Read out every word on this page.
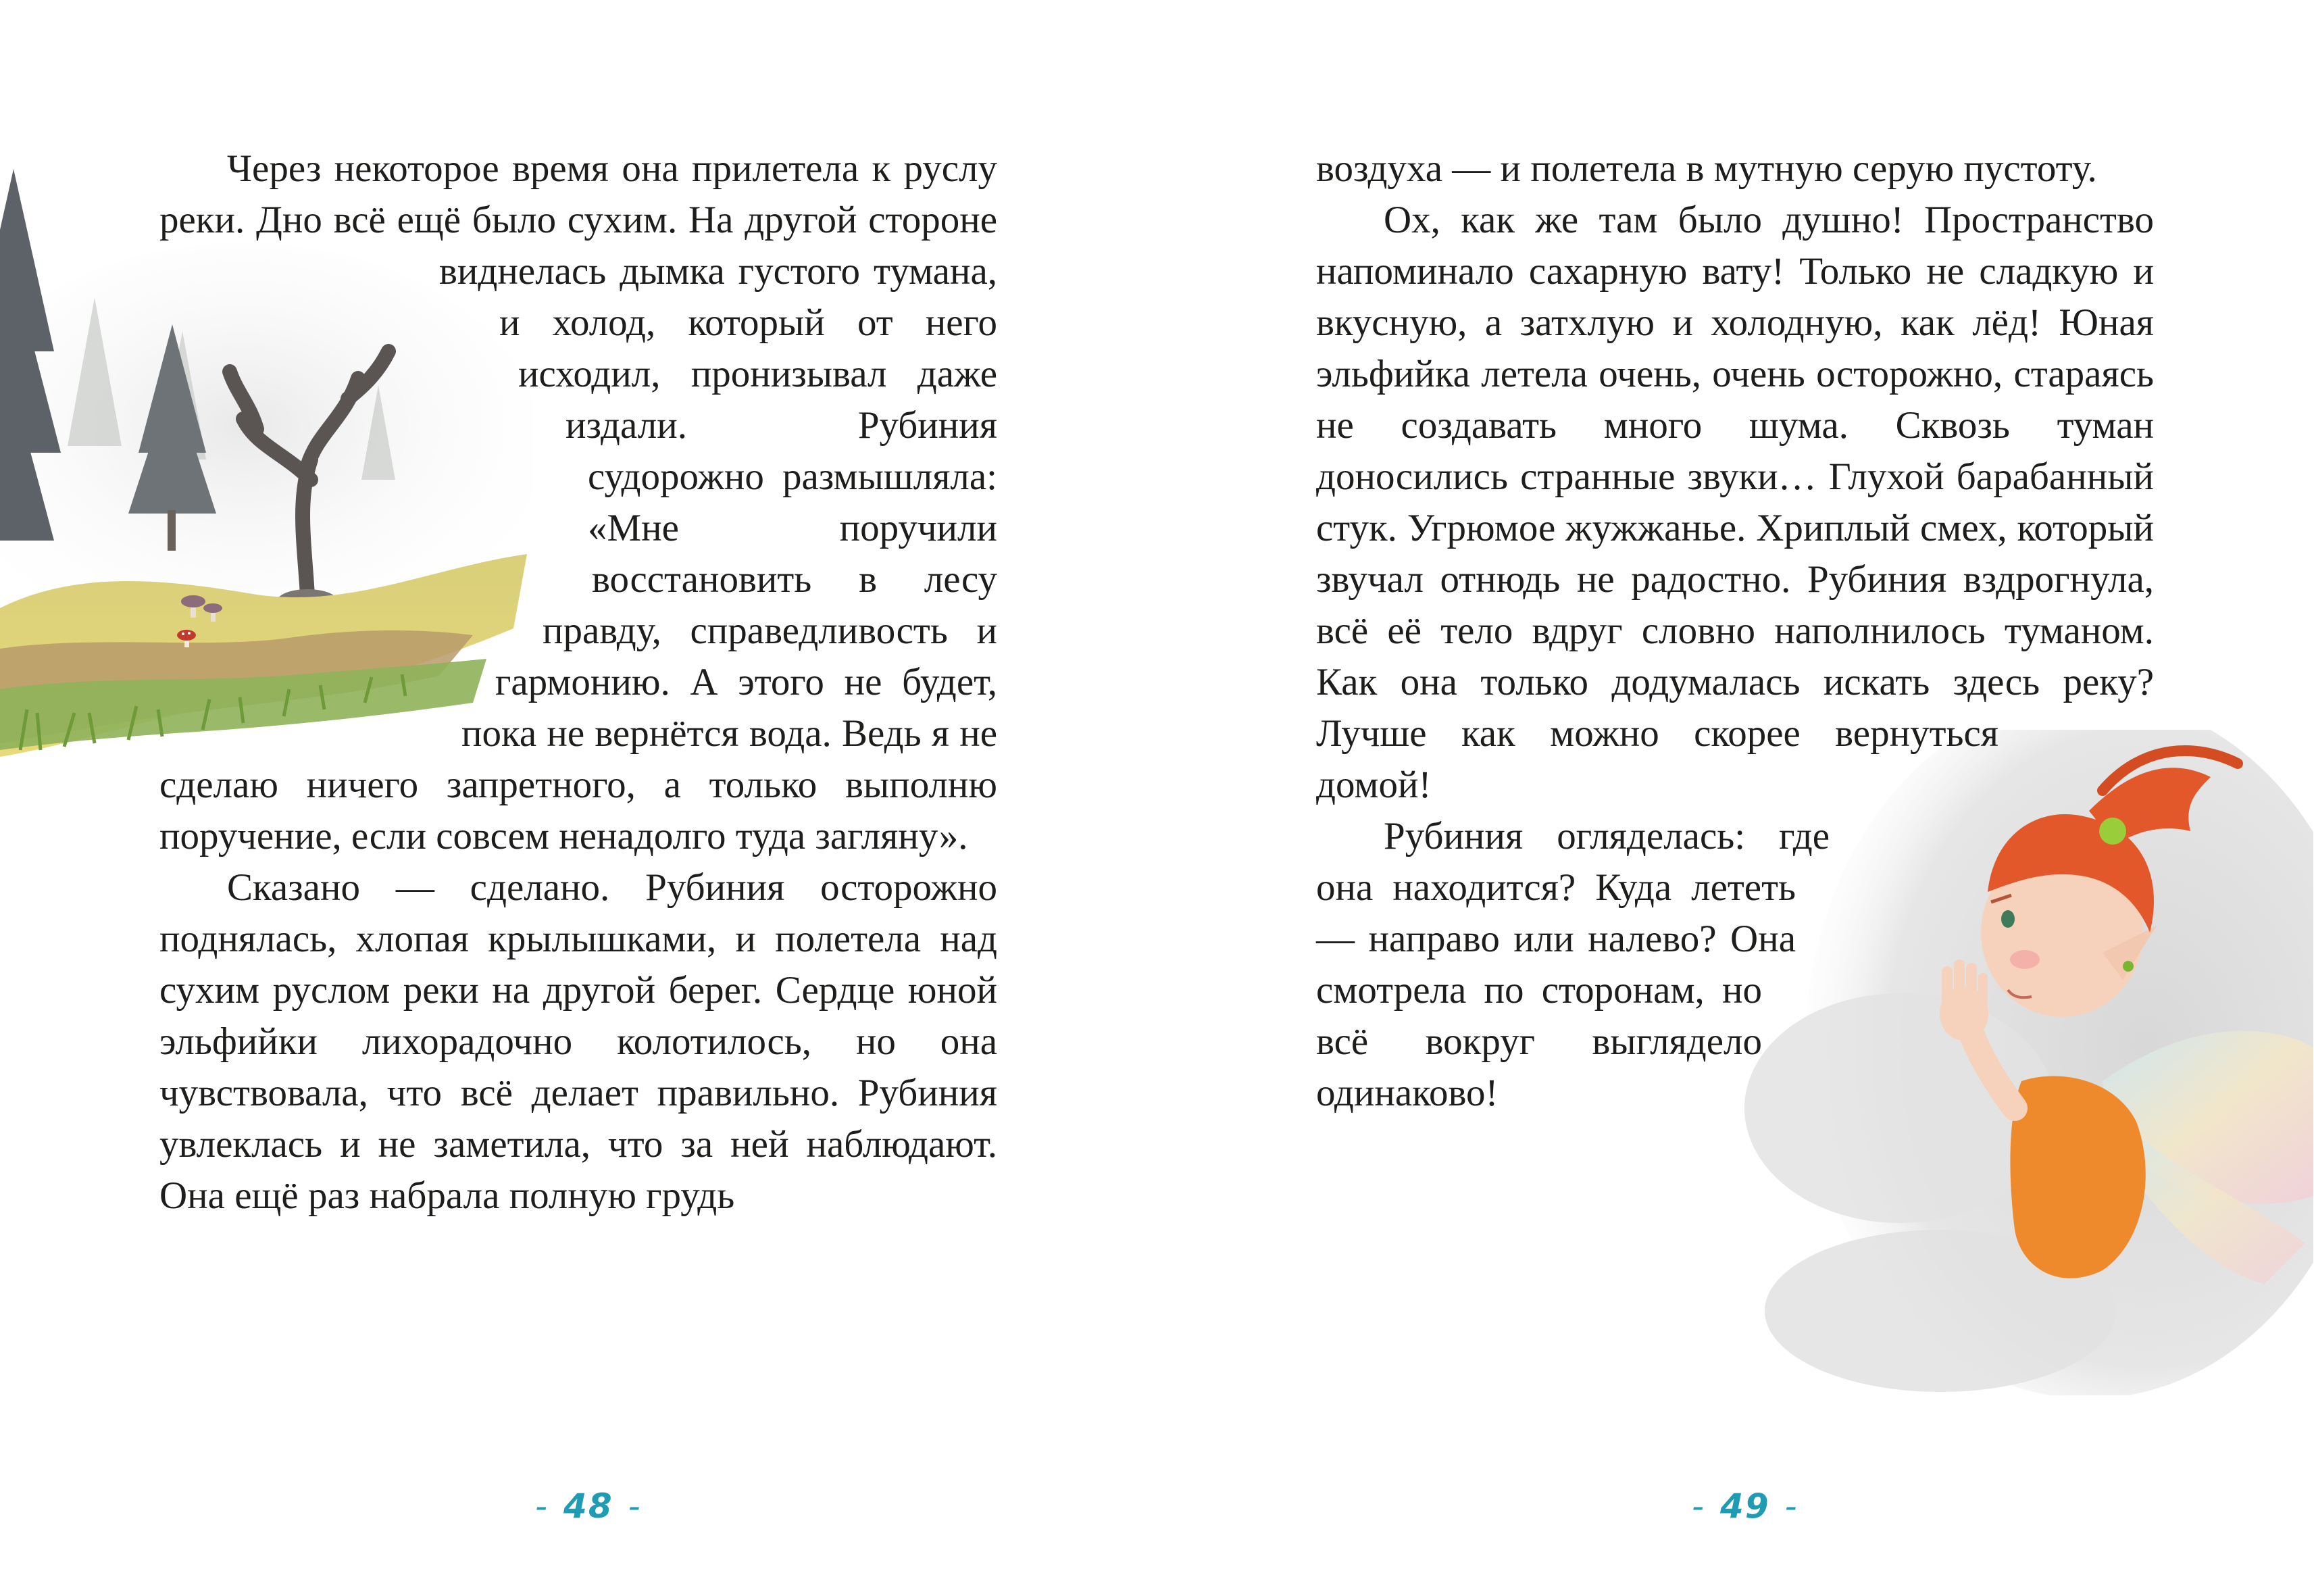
Через некоторое время она прилетела к руслу реки. Дно всё ещё было сухим. На другой стороне виднелась дымка густого тумана, и холод, который от него исходил, пронизывал даже издали. Рубиния судорожно размышляла: «Мне поручили восстановить в лесу правду, справедливость и гармонию. А этого не будет, пока не вернётся вода. Ведь я не сделаю ничего запретного, а только выполню поручение, если совсем ненадолго туда загляну».

Сказано — сделано. Рубиния осторожно поднялась, хлопая крылышками, и полетела над сухим руслом реки на другой берег. Сердце юной эльфийки лихорадочно колотилось, но она чувствовала, что всё делает правильно. Рубиния увлеклась и не заметила, что за ней наблюдают. Она ещё раз набрала полную грудь

- 48 -

воздуха — и полетела в мутную серую пустоту.

Ох, как же там было душно! Пространство напоминало сахарную вату! Только не сладкую и вкусную, а затхлую и холодную, как лёд! Юная эльфийка летела очень, очень осторожно, стараясь не создавать много шума. Сквозь туман доносились странные звуки… Глухой барабанный стук. Угрюмое жужжанье. Хриплый смех, который звучал отнюдь не радостно. Рубиния вздрогнула, всё её тело вдруг словно наполнилось туманом. Как она только додумалась искать здесь реку? Лучше как можно скорее вернуться домой!

Рубиния огляделась: где она находится? Куда лететь — направо или налево? Она смотрела по сторонам, но всё вокруг выглядело одинаково!

- 49 -
